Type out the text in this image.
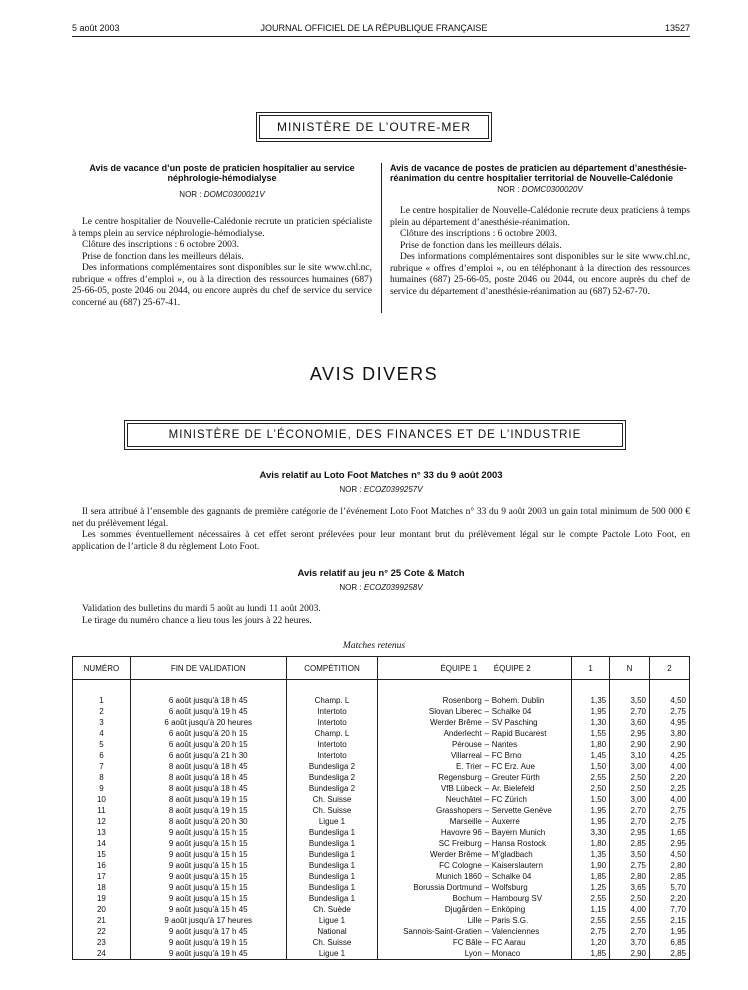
5 août 2003	JOURNAL OFFICIEL DE LA RÉPUBLIQUE FRANÇAISE	13527
MINISTÈRE DE L’OUTRE-MER
Avis de vacance d’un poste de praticien hospitalier au service néphrologie-hémodialyse
NOR : DOMC0300021V

Le centre hospitalier de Nouvelle-Calédonie recrute un praticien spécialiste à temps plein au service néphrologie-hémodialyse.

Clôture des inscriptions : 6 octobre 2003.

Prise de fonction dans les meilleurs délais.

Des informations complémentaires sont disponibles sur le site www.chl.nc, rubrique « offres d’emploi », ou à la direction des ressources humaines (687) 25-66-05, poste 2046 ou 2044, ou encore auprès du chef de service du service concerné au (687) 25-67-41.

Avis de vacance de postes de praticien au département d’anesthésie-réanimation du centre hospitalier territorial de Nouvelle-Calédonie
NOR : DOMC0300020V

Le centre hospitalier de Nouvelle-Calédonie recrute deux praticiens à temps plein au département d’anesthésie-réanimation.

Clôture des inscriptions : 6 octobre 2003.

Prise de fonction dans les meilleurs délais.

Des informations complémentaires sont disponibles sur le site www.chl.nc, rubrique « offres d’emploi », ou en téléphonant à la direction des ressources humaines (687) 25-66-05, poste 2046 ou 2044, ou encore auprès du chef de service du département d’anesthésie-réanimation au (687) 52-67-70.

AVIS DIVERS
MINISTÈRE DE L’ÉCONOMIE, DES FINANCES ET DE L’INDUSTRIE
Avis relatif au Loto Foot Matches n° 33 du 9 août 2003
NOR : ECOZ0399257V

Il sera attribué à l’ensemble des gagnants de première catégorie de l’événement Loto Foot Matches n° 33 du 9 août 2003 un gain total minimum de 500 000 € net du prélèvement légal.

Les sommes éventuellement nécessaires à cet effet seront prélevées pour leur montant brut du prélèvement légal sur le compte Pactole Loto Foot, en application de l’article 8 du règlement Loto Foot.

Avis relatif au jeu n° 25 Cote & Match
NOR : ECOZ0399258V

Validation des bulletins du mardi 5 août au lundi 11 août 2003.

Le tirage du numéro chance a lieu tous les jours à 22 heures.

Matches retenus
NUMÉRO	FIN DE VALIDATION	COMPÉTITION	ÉQUIPE 1		ÉQUIPE 2	1	N	2

1	6 août jusqu’à 18 h 45	Champ. L	Rosenborg	–	Bohem. Dublin	1,35	3,50	4,50
2	6 août jusqu’à 19 h 45	Intertoto	Slovan Liberec	–	Schalke 04	1,95	2,70	2,75
3	6 août jusqu’à 20 heures	Intertoto	Werder Brême	–	SV Pasching	1,30	3,60	4,95
4	6 août jusqu’à 20 h 15	Champ. L	Anderlecht	–	Rapid Bucarest	1,55	2,95	3,80
5	6 août jusqu’à 20 h 15	Intertoto	Pérouse	–	Nantes	1,80	2,90	2,90
6	6 août jusqu’à 21 h 30	Intertoto	Villarreal	–	FC Brno	1,45	3,10	4,25
7	8 août jusqu’à 18 h 45	Bundesliga 2	E. Trier	–	FC Erz. Aue	1,50	3,00	4,00
8	8 août jusqu’à 18 h 45	Bundesliga 2	Regensburg	–	Greuter Fürth	2,55	2,50	2,20
9	8 août jusqu’à 18 h 45	Bundesliga 2	VfB Lübeck	–	Ar. Bielefeld	2,50	2,50	2,25
10	8 août jusqu’à 19 h 15	Ch. Suisse	Neuchâtel	–	FC Zürich	1,50	3,00	4,00
11	8 août jusqu’à 19 h 15	Ch. Suisse	Grasshopers	–	Servette Genève	1,95	2,70	2,75
12	8 août jusqu’à 20 h 30	Ligue 1	Marseille	–	Auxerre	1,95	2,70	2,75
13	9 août jusqu’à 15 h 15	Bundesliga 1	Havovre 96	–	Bayern Munich	3,30	2,95	1,65
14	9 août jusqu’à 15 h 15	Bundesliga 1	SC Freiburg	–	Hansa Rostock	1,80	2,85	2,95
15	9 août jusqu’à 15 h 15	Bundesliga 1	Werder Brême	–	M’gladbach	1,35	3,50	4,50
16	9 août jusqu’à 15 h 15	Bundesliga 1	FC Cologne	–	Kaiserslautern	1,90	2,75	2,80
17	9 août jusqu’à 15 h 15	Bundesliga 1	Munich 1860	–	Schalke 04	1,85	2,80	2,85
18	9 août jusqu’à 15 h 15	Bundesliga 1	Borussia Dortmund	–	Wolfsburg	1,25	3,65	5,70
19	9 août jusqu’à 15 h 15	Bundesliga 1	Bochum	–	Hambourg SV	2,55	2,50	2,20
20	9 août jusqu’à 15 h 45	Ch. Suède	Djugården	–	Enköping	1,15	4,00	7,70
21	9 août jusqu’à 17 heures	Ligue 1	Lille	–	Paris S.G.	2,55	2,55	2,15
22	9 août jusqu’à 17 h 45	National	Sannois-Saint-Gratien	–	Valenciennes	2,75	2,70	1,95
23	9 août jusqu’à 19 h 15	Ch. Suisse	FC Bâle	–	FC Aarau	1,20	3,70	6,85
24	9 août jusqu’à 19 h 45	Ligue 1	Lyon	–	Monaco	1,85	2,90	2,85
